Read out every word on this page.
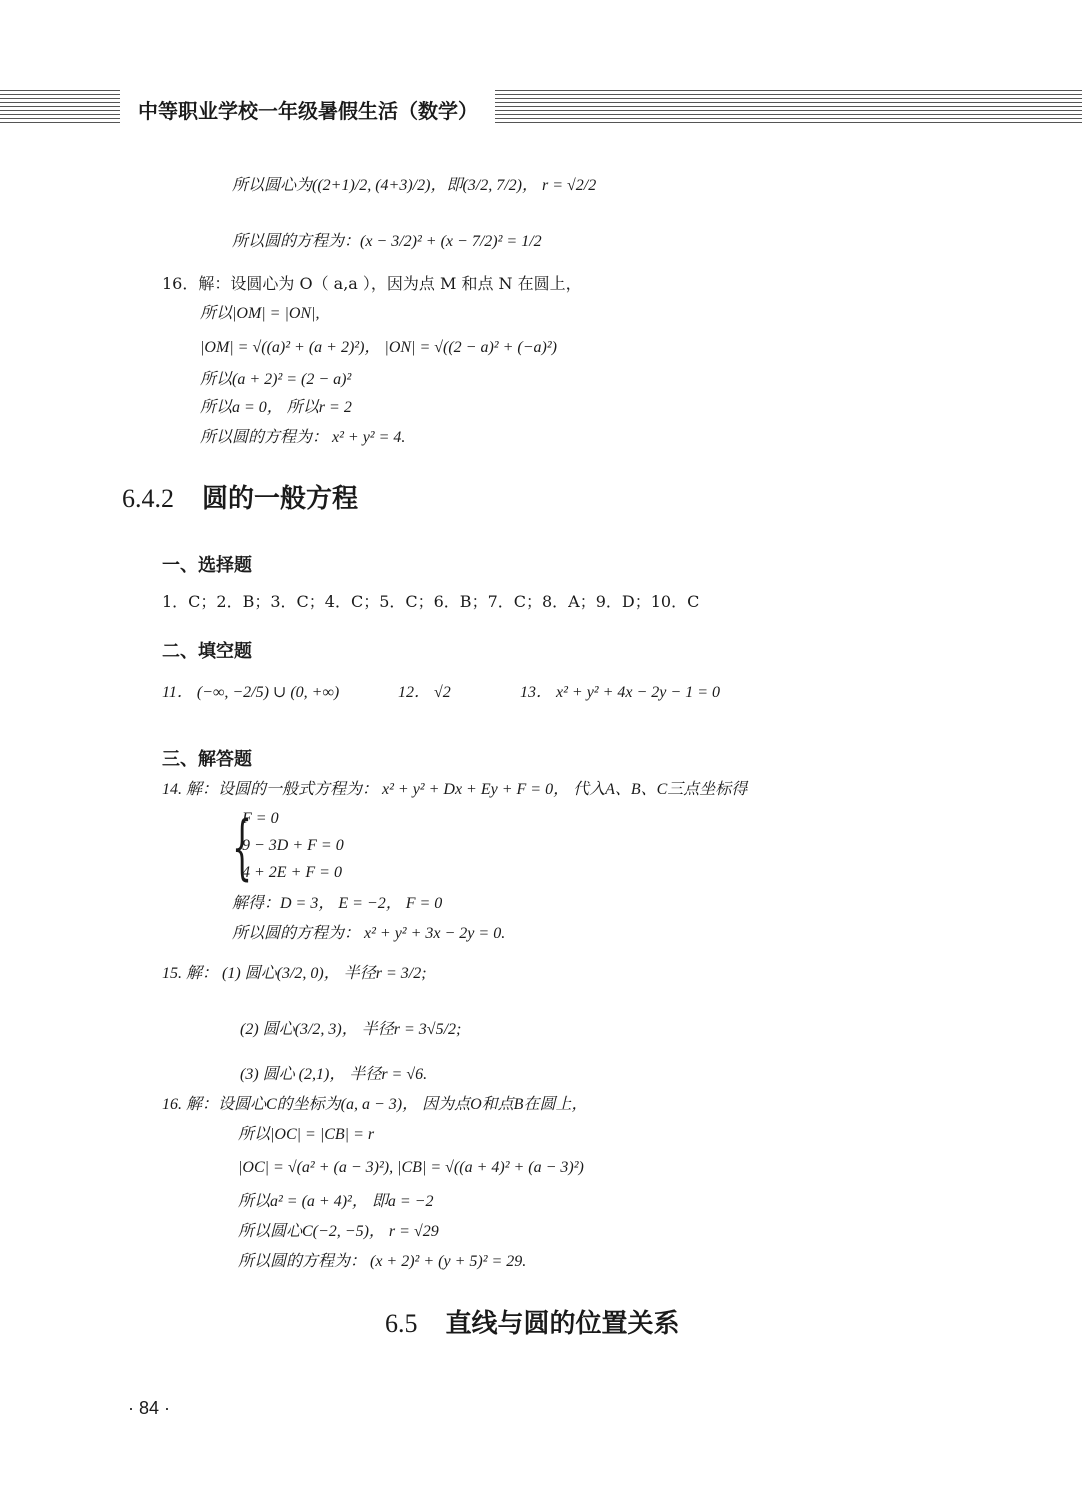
中等职业学校一年级暑假生活（数学）
所以圆心为((2+1)/2, (4+3)/2)，即(3/2, 7/2)， r = √2/2
所以圆的方程为：(x − 3/2)² + (x − 7/2)² = 1/2
16．解：设圆心为 O（ a,a ），因为点 M 和点 N 在圆上，
所以|OM| = |ON|,
|OM| = √((a)² + (a + 2)²)， |ON| = √((2 − a)² + (−a)²)
所以(a + 2)² = (2 − a)²
所以a = 0， 所以r = 2
所以圆的方程为： x² + y² = 4.
6.4.2 圆的一般方程
一、选择题
1．C；2．B；3．C；4．C；5．C；6．B；7．C；8．A；9．D；10．C
二、填空题
11． (−∞, −2/5) ∪ (0, +∞)	12． √2	13． x² + y² + 4x − 2y − 1 = 0
三、解答题
14. 解：设圆的一般式方程为： x² + y² + Dx + Ey + F = 0， 代入A、B、C三点坐标得
{
F = 0
9 − 3D + F = 0
4 + 2E + F = 0
解得：D = 3， E = −2， F = 0
所以圆的方程为： x² + y² + 3x − 2y = 0.
15. 解： (1) 圆心(3/2, 0)， 半径r = 3/2;
(2) 圆心(3/2, 3)， 半径r = 3√5/2;
(3) 圆心 (2,1)， 半径r = √6.
16. 解：设圆心C的坐标为(a, a − 3)， 因为点O和点B在圆上，
所以|OC| = |CB| = r
|OC| = √(a² + (a − 3)²), |CB| = √((a + 4)² + (a − 3)²)
所以a² = (a + 4)²， 即a = −2
所以圆心C(−2, −5)， r = √29
所以圆的方程为： (x + 2)² + (y + 5)² = 29.
6.5 直线与圆的位置关系
· 84 ·
